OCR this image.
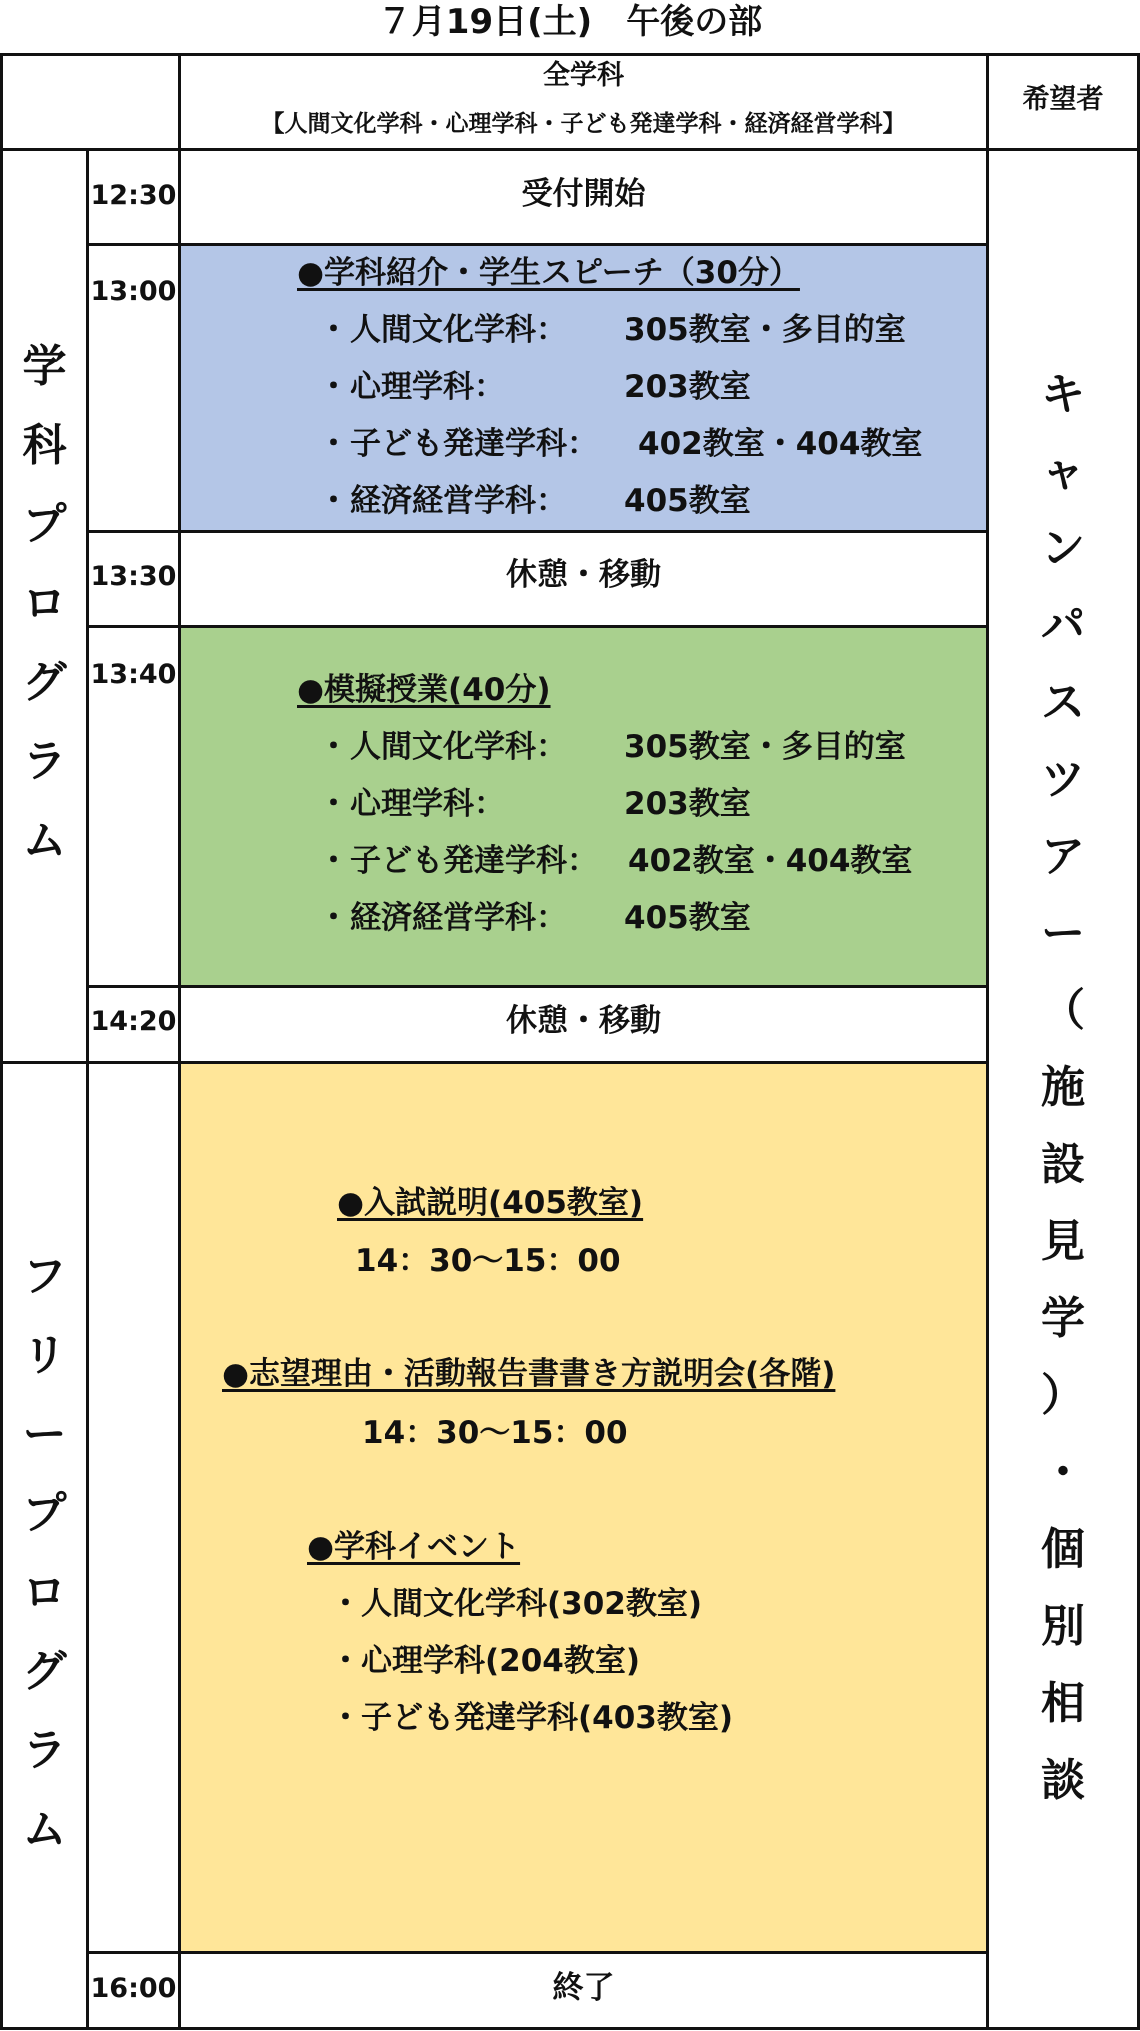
７月19日(土)　午後の部
全学科
【人間文化学科・心理学科・子ども発達学科・経済経営学科】
希望者
学
科
プ
ロ
グ
ラ
ム
フ
リ
ー
プ
ロ
グ
ラ
ム
キ
ャ
ン
パ
ス
ツ
ア
ー
（
施
設
見
学
）
・
個
別
相
談
12:30
13:00
13:30
13:40
14:20
16:00
受付開始
休憩・移動
休憩・移動
終了
●学科紹介・学生スピーチ（30分）
・人間文化学科： 305教室・多目的室
・心理学科：	203教室
・子ども発達学科： 402教室・404教室
・経済経営学科： 405教室
●模擬授業(40分)
・人間文化学科： 305教室・多目的室
・心理学科：	203教室
・子ども発達学科： 402教室・404教室
・経済経営学科： 405教室
●入試説明(405教室)
14：30～15：00
●志望理由・活動報告書書き方説明会(各階)
14：30～15：00
●学科イベント
・人間文化学科(302教室)
・心理学科(204教室)
・子ども発達学科(403教室)
